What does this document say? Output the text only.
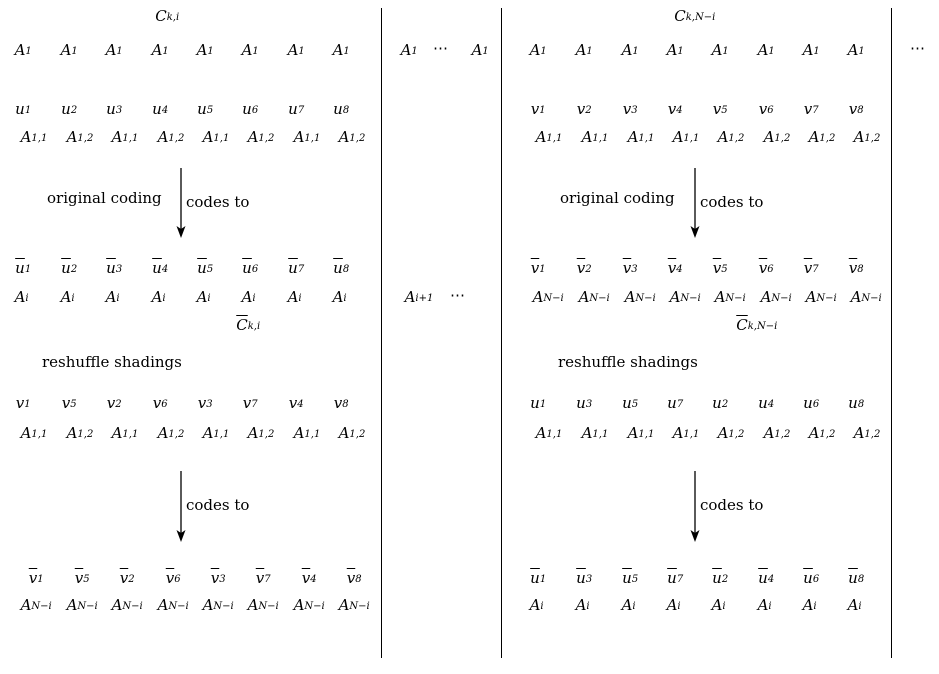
C k,i
A 1 A 1 A 1 A 1 A 1 A 1 A 1 A 1
u 1 u 2 u 3 u 4 u 5 u 6 u 7 u 8
A 1,1 A 1,2 A 1,1 A 1,2 A 1,1 A 1,2 A 1,1 A 1,2
original coding codes to
$\overline{u}$ 1 $\overline{u}$ 2 $\overline{u}$ 3 $\overline{u}$ 4 $\overline{u}$ 5 $\overline{u}$ 6 $\overline{u}$ 7 $\overline{u}$ 8
A i A i A i A i A i A i A i A i
$\overline{C}$ k,i
reshuffle shadings
v 1 v 5 v 2 v 6 v 3 v 7 v 4 v 8
A 1,1 A 1,2 A 1,1 A 1,2 A 1,1 A 1,2 A 1,1 A 1,2
codes to
$\overline{v}$ 1 $\overline{v}$ 5 $\overline{v}$ 2 $\overline{v}$ 6 $\overline{v}$ 3 $\overline{v}$ 7 $\overline{v}$ 4 $\overline{v}$ 8
A N−i A N−i A N−i A N−i A N−i A N−i A N−i A N−i
C k,N−i
A 1 A 1 A 1 A 1 A 1 A 1 A 1 A 1
v 1 v 2 v 3 v 4 v 5 v 6 v 7 v 8
A 1,1 A 1,1 A 1,1 A 1,1 A 1,2 A 1,2 A 1,2 A 1,2
original coding codes to
$\overline{v}$ 1 $\overline{v}$ 2 $\overline{v}$ 3 $\overline{v}$ 4 $\overline{v}$ 5 $\overline{v}$ 6 $\overline{v}$ 7 $\overline{v}$ 8
A N−i A N−i A N−i A N−i A N−i A N−i A N−i A N−i
$\overline{C}$ k,N−i
reshuffle shadings
u 1 u 3 u 5 u 7 u 2 u 4 u 6 u 8
A 1,1 A 1,1 A 1,1 A 1,1 A 1,2 A 1,2 A 1,2 A 1,2
codes to
$\overline{u}$ 1 $\overline{u}$ 3 $\overline{u}$ 5 $\overline{u}$ 7 $\overline{u}$ 2 $\overline{u}$ 4 $\overline{u}$ 6 $\overline{u}$ 8
A i A i A i A i A i A i A i A i
A 1 ⋯ A 1
A i+1 ⋯
⋯
